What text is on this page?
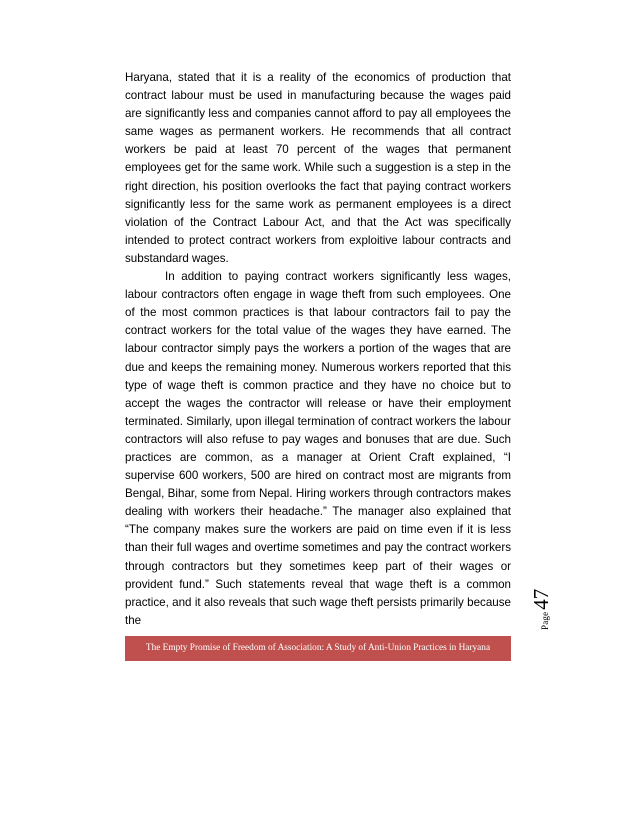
Haryana, stated that it is a reality of the economics of production that contract labour must be used in manufacturing because the wages paid are significantly less and companies cannot afford to pay all employees the same wages as permanent workers. He recommends that all contract workers be paid at least 70 percent of the wages that permanent employees get for the same work. While such a suggestion is a step in the right direction, his position overlooks the fact that paying contract workers significantly less for the same work as permanent employees is a direct violation of the Contract Labour Act, and that the Act was specifically intended to protect contract workers from exploitive labour contracts and substandard wages.

In addition to paying contract workers significantly less wages, labour contractors often engage in wage theft from such employees. One of the most common practices is that labour contractors fail to pay the contract workers for the total value of the wages they have earned. The labour contractor simply pays the workers a portion of the wages that are due and keeps the remaining money. Numerous workers reported that this type of wage theft is common practice and they have no choice but to accept the wages the contractor will release or have their employment terminated. Similarly, upon illegal termination of contract workers the labour contractors will also refuse to pay wages and bonuses that are due. Such practices are common, as a manager at Orient Craft explained, “I supervise 600 workers, 500 are hired on contract most are migrants from Bengal, Bihar, some from Nepal. Hiring workers through contractors makes dealing with workers their headache.” The manager also explained that “The company makes sure the workers are paid on time even if it is less than their full wages and overtime sometimes and pay the contract workers through contractors but they sometimes keep part of their wages or provident fund.” Such statements reveal that wage theft is a common practice, and it also reveals that such wage theft persists primarily because the	Page47
The Empty Promise of Freedom of Association: A Study of Anti-Union Practices in Haryana
